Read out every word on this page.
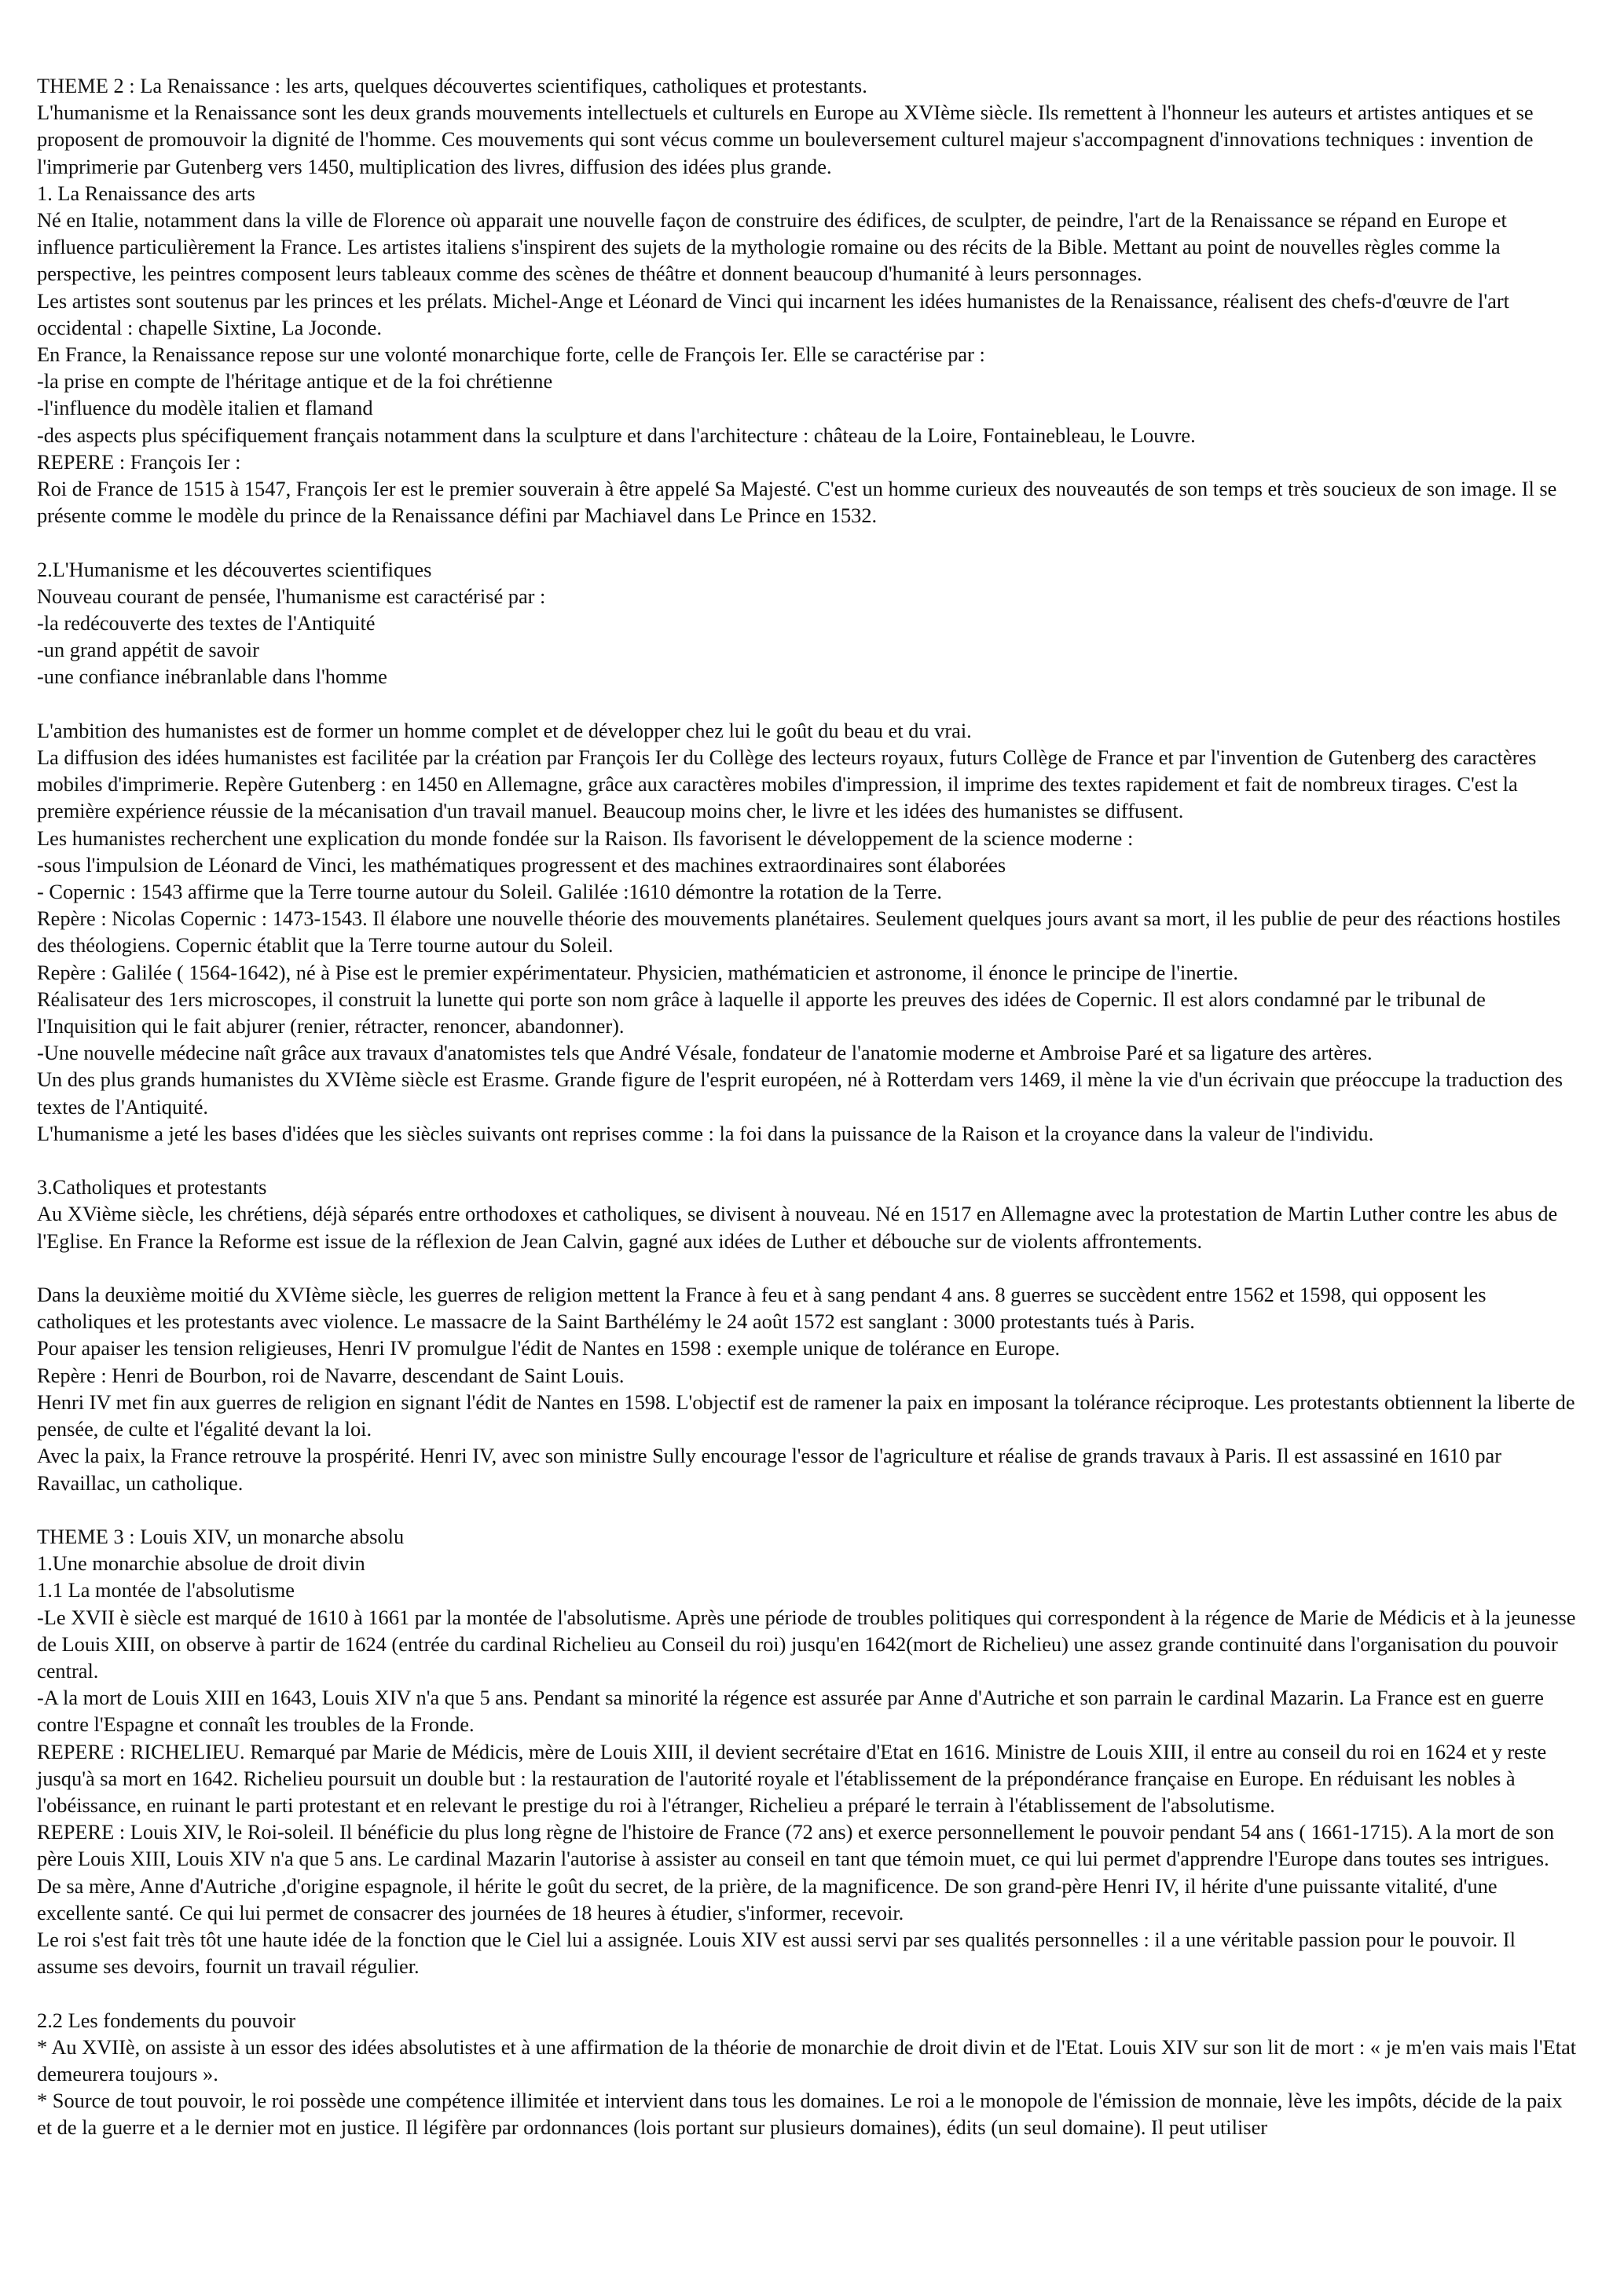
THEME 2 : La Renaissance : les arts, quelques découvertes scientifiques, catholiques et protestants.

L'humanisme et la Renaissance sont les deux grands mouvements intellectuels et culturels en Europe au XVIème siècle. Ils remettent à l'honneur les auteurs et artistes antiques et se proposent de promouvoir la dignité de l'homme. Ces mouvements qui sont vécus comme un bouleversement culturel majeur s'accompagnent d'innovations techniques : invention de l'imprimerie par Gutenberg vers 1450, multiplication des livres, diffusion des idées plus grande.

1. La Renaissance des arts

Né en Italie, notamment dans la ville de Florence où apparait une nouvelle façon de construire des édifices, de sculpter, de peindre, l'art de la Renaissance se répand en Europe et influence particulièrement la France. Les artistes italiens s'inspirent des sujets de la mythologie romaine ou des récits de la Bible. Mettant au point de nouvelles règles comme la perspective, les peintres composent leurs tableaux comme des scènes de théâtre et donnent beaucoup d'humanité à leurs personnages.

Les artistes sont soutenus par les princes et les prélats. Michel-Ange et Léonard de Vinci qui incarnent les idées humanistes de la Renaissance, réalisent des chefs-d'œuvre de l'art occidental : chapelle Sixtine, La Joconde.

En France, la Renaissance repose sur une volonté monarchique forte, celle de François Ier. Elle se caractérise par :

-la prise en compte de l'héritage antique et de la foi chrétienne

-l'influence du modèle italien et flamand

-des aspects plus spécifiquement français notamment dans la sculpture et dans l'architecture : château de la Loire, Fontainebleau, le Louvre.

REPERE : François Ier :

Roi de France de 1515 à 1547, François Ier est le premier souverain à être appelé Sa Majesté. C'est un homme curieux des nouveautés de son temps et très soucieux de son image. Il se présente comme le modèle du prince de la Renaissance défini par Machiavel dans Le Prince en 1532.

2.L'Humanisme et les découvertes scientifiques

Nouveau courant de pensée, l'humanisme est caractérisé par :

-la redécouverte des textes de l'Antiquité

-un grand appétit de savoir

-une confiance inébranlable dans l'homme

L'ambition des humanistes est de former un homme complet et de développer chez lui le goût du beau et du vrai.

La diffusion des idées humanistes est facilitée par la création par François Ier du Collège des lecteurs royaux, futurs Collège de France et par l'invention de Gutenberg des caractères mobiles d'imprimerie. Repère Gutenberg : en 1450 en Allemagne, grâce aux caractères mobiles d'impression, il imprime des textes rapidement et fait de nombreux tirages. C'est la première expérience réussie de la mécanisation d'un travail manuel. Beaucoup moins cher, le livre et les idées des humanistes se diffusent.

Les humanistes recherchent une explication du monde fondée sur la Raison. Ils favorisent le développement de la science moderne :

-sous l'impulsion de Léonard de Vinci, les mathématiques progressent et des machines extraordinaires sont élaborées

- Copernic : 1543 affirme que la Terre tourne autour du Soleil. Galilée :1610 démontre la rotation de la Terre.

Repère : Nicolas Copernic : 1473-1543. Il élabore une nouvelle théorie des mouvements planétaires. Seulement quelques jours avant sa mort, il les publie de peur des réactions hostiles des théologiens. Copernic établit que la Terre tourne autour du Soleil.

Repère : Galilée ( 1564-1642), né à Pise est le premier expérimentateur. Physicien, mathématicien et astronome, il énonce le principe de l'inertie.

Réalisateur des 1ers microscopes, il construit la lunette qui porte son nom grâce à laquelle il apporte les preuves des idées de Copernic. Il est alors condamné par le tribunal de l'Inquisition qui le fait abjurer (renier, rétracter, renoncer, abandonner).

-Une nouvelle médecine naît grâce aux travaux d'anatomistes tels que André Vésale, fondateur de l'anatomie moderne et Ambroise Paré et sa ligature des artères.

Un des plus grands humanistes du XVIème siècle est Erasme. Grande figure de l'esprit européen, né à Rotterdam vers 1469, il mène la vie d'un écrivain que préoccupe la traduction des textes de l'Antiquité.

L'humanisme a jeté les bases d'idées que les siècles suivants ont reprises comme : la foi dans la puissance de la Raison et la croyance dans la valeur de l'individu.

3.Catholiques et protestants

Au XVième siècle, les chrétiens, déjà séparés entre orthodoxes et catholiques, se divisent à nouveau. Né en 1517 en Allemagne avec la protestation de Martin Luther contre les abus de l'Eglise. En France la Reforme est issue de la réflexion de Jean Calvin, gagné aux idées de Luther et débouche sur de violents affrontements.

Dans la deuxième moitié du XVIème siècle, les guerres de religion mettent la France à feu et à sang pendant 4 ans. 8 guerres se succèdent entre 1562 et 1598, qui opposent les catholiques et les protestants avec violence. Le massacre de la Saint Barthélémy le 24 août 1572 est sanglant : 3000 protestants tués à Paris.

Pour apaiser les tension religieuses, Henri IV promulgue l'édit de Nantes en 1598 : exemple unique de tolérance en Europe.

Repère : Henri de Bourbon, roi de Navarre, descendant de Saint Louis.

Henri IV met fin aux guerres de religion en signant l'édit de Nantes en 1598. L'objectif est de ramener la paix en imposant la tolérance réciproque. Les protestants obtiennent la liberte de pensée, de culte et l'égalité devant la loi.

Avec la paix, la France retrouve la prospérité. Henri IV, avec son ministre Sully encourage l'essor de l'agriculture et réalise de grands travaux à Paris. Il est assassiné en 1610 par Ravaillac, un catholique.

THEME 3 : Louis XIV, un monarche absolu

1.Une monarchie absolue de droit divin

1.1 La montée de l'absolutisme

-Le XVII è siècle est marqué de 1610 à 1661 par la montée de l'absolutisme. Après une période de troubles politiques qui correspondent à la régence de Marie de Médicis et à la jeunesse de Louis XIII, on observe à partir de 1624 (entrée du cardinal Richelieu au Conseil du roi) jusqu'en 1642(mort de Richelieu) une assez grande continuité dans l'organisation du pouvoir central.

-A la mort de Louis XIII en 1643, Louis XIV n'a que 5 ans. Pendant sa minorité la régence est assurée par Anne d'Autriche et son parrain le cardinal Mazarin. La France est en guerre contre l'Espagne et connaît les troubles de la Fronde.

REPERE : RICHELIEU. Remarqué par Marie de Médicis, mère de Louis XIII, il devient secrétaire d'Etat en 1616. Ministre de Louis XIII, il entre au conseil du roi en 1624 et y reste jusqu'à sa mort en 1642. Richelieu poursuit un double but : la restauration de l'autorité royale et l'établissement de la prépondérance française en Europe. En réduisant les nobles à l'obéissance, en ruinant le parti protestant et en relevant le prestige du roi à l'étranger, Richelieu a préparé le terrain à l'établissement de l'absolutisme.

REPERE : Louis XIV, le Roi-soleil. Il bénéficie du plus long règne de l'histoire de France (72 ans) et exerce personnellement le pouvoir pendant 54 ans ( 1661-1715). A la mort de son père Louis XIII, Louis XIV n'a que 5 ans. Le cardinal Mazarin l'autorise à assister au conseil en tant que témoin muet, ce qui lui permet d'apprendre l'Europe dans toutes ses intrigues.

De sa mère, Anne d'Autriche ,d'origine espagnole, il hérite le goût du secret, de la prière, de la magnificence. De son grand-père Henri IV, il hérite d'une puissante vitalité, d'une excellente santé. Ce qui lui permet de consacrer des journées de 18 heures à étudier, s'informer, recevoir.

Le roi s'est fait très tôt une haute idée de la fonction que le Ciel lui a assignée. Louis XIV est aussi servi par ses qualités personnelles : il a une véritable passion pour le pouvoir. Il assume ses devoirs, fournit un travail régulier.

2.2 Les fondements du pouvoir

* Au XVIIè, on assiste à un essor des idées absolutistes et à une affirmation de la théorie de monarchie de droit divin et de l'Etat. Louis XIV sur son lit de mort : « je m'en vais mais l'Etat demeurera toujours ».

* Source de tout pouvoir, le roi possède une compétence illimitée et intervient dans tous les domaines. Le roi a le monopole de l'émission de monnaie, lève les impôts, décide de la paix et de la guerre et a le dernier mot en justice. Il légifère par ordonnances (lois portant sur plusieurs domaines), édits (un seul domaine). Il peut utiliser
